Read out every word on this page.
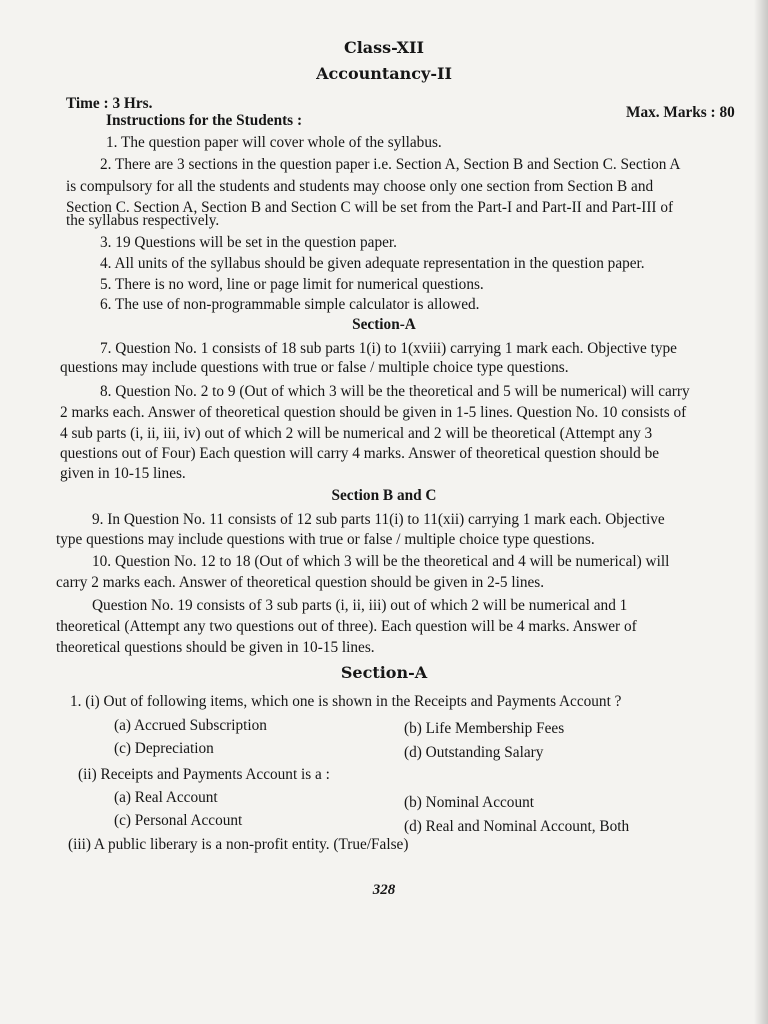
Class-XII
Accountancy-II
Time : 3 Hrs.
Max. Marks : 80
Instructions for the Students :
1. The question paper will cover whole of the syllabus.
2. There are 3 sections in the question paper i.e. Section A, Section B and Section C. Section A
is compulsory for all the students and students may choose only one section from Section B and
Section C. Section A, Section B and Section C will be set from the Part-I and Part-II and Part-III of
the syllabus respectively.
3. 19 Questions will be set in the question paper.
4. All units of the syllabus should be given adequate representation in the question paper.
5. There is no word, line or page limit for numerical questions.
6. The use of non-programmable simple calculator is allowed.
Section-A
7. Question No. 1 consists of 18 sub parts 1(i) to 1(xviii) carrying 1 mark each. Objective type
questions may include questions with true or false / multiple choice type questions.
8. Question No. 2 to 9 (Out of which 3 will be the theoretical and 5 will be numerical) will carry
2 marks each. Answer of theoretical question should be given in 1-5 lines. Question No. 10 consists of
4 sub parts (i, ii, iii, iv) out of which 2 will be numerical and 2 will be theoretical (Attempt any 3
questions out of Four) Each question will carry 4 marks. Answer of theoretical question should be
given in 10-15 lines.
Section B and C
9. In Question No. 11 consists of 12 sub parts 11(i) to 11(xii) carrying 1 mark each. Objective
type questions may include questions with true or false / multiple choice type questions.
10. Question No. 12 to 18 (Out of which 3 will be the theoretical and 4 will be numerical) will
carry 2 marks each. Answer of theoretical question should be given in 2-5 lines.
Question No. 19 consists of 3 sub parts (i, ii, iii) out of which 2 will be numerical and 1
theoretical (Attempt any two questions out of three). Each question will be 4 marks. Answer of
theoretical questions should be given in 10-15 lines.
Section-A
1. (i) Out of following items, which one is shown in the Receipts and Payments Account ?
(a) Accrued Subscription	(b) Life Membership Fees
(c) Depreciation	(d) Outstanding Salary
(ii) Receipts and Payments Account is a :
(a) Real Account	(b) Nominal Account
(c) Personal Account	(d) Real and Nominal Account, Both
(iii) A public liberary is a non-profit entity. (True/False)
328
